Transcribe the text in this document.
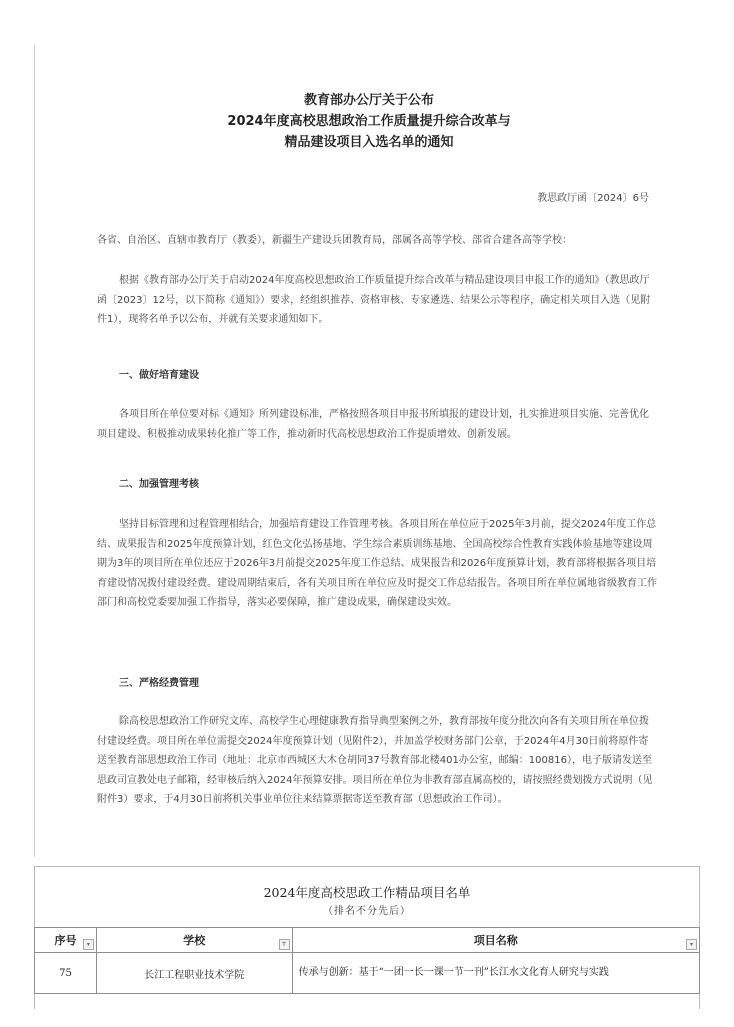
教育部办公厅关于公布
2024年度高校思想政治工作质量提升综合改革与
精品建设项目入选名单的通知
教思政厅函〔2024〕6号
各省、自治区、直辖市教育厅（教委），新疆生产建设兵团教育局，部属各高等学校、部省合建各高等学校：
根据《教育部办公厅关于启动2024年度高校思想政治工作质量提升综合改革与精品建设项目申报工作的通知》（教思政厅函〔2023〕12号，以下简称《通知》）要求，经组织推荐、资格审核、专家遴选、结果公示等程序，确定相关项目入选（见附件1），现将名单予以公布，并就有关要求通知如下。
一、做好培育建设
各项目所在单位要对标《通知》所列建设标准，严格按照各项目申报书所填报的建设计划，扎实推进项目实施、完善优化项目建设、积极推动成果转化推广等工作，推动新时代高校思想政治工作提质增效、创新发展。
二、加强管理考核
坚持目标管理和过程管理相结合，加强培育建设工作管理考核。各项目所在单位应于2025年3月前，提交2024年度工作总结、成果报告和2025年度预算计划，红色文化弘扬基地、学生综合素质训练基地、全国高校综合性教育实践体验基地等建设周期为3年的项目所在单位还应于2026年3月前提交2025年度工作总结、成果报告和2026年度预算计划，教育部将根据各项目培育建设情况拨付建设经费。建设周期结束后，各有关项目所在单位应及时提交工作总结报告。各项目所在单位属地省级教育工作部门和高校党委要加强工作指导，落实必要保障，推广建设成果，确保建设实效。
三、严格经费管理
除高校思想政治工作研究文库、高校学生心理健康教育指导典型案例之外，教育部按年度分批次向各有关项目所在单位拨付建设经费。项目所在单位需提交2024年度预算计划（见附件2），并加盖学校财务部门公章，于2024年4月30日前将原件寄送至教育部思想政治工作司（地址：北京市西城区大木仓胡同37号教育部北楼401办公室，邮编：100816），电子版请发送至思政司宣教处电子邮箱，经审核后纳入2024年预算安排。项目所在单位为非教育部直属高校的，请按照经费划拨方式说明（见附件3）要求，于4月30日前将机关事业单位往来结算票据寄送至教育部（思想政治工作司）。
2024年度高校思政工作精品项目名单
（排名不分先后）
序号 ▾	学校 ⊤	项目名称 ▾

75	长江工程职业技术学院	传承与创新：基于“一团一长一课一节一刊”长江水文化育人研究与实践
